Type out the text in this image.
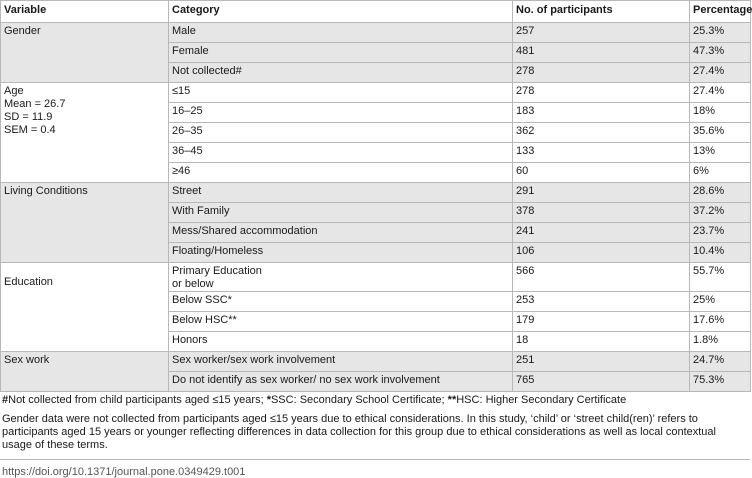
Variable	Category	No. of participants	Percentage
Gender	Male	257	25.3%
	Female	481	47.3%
	Not collected#	278	27.4%
Age
Mean = 26.7
SD = 11.9
SEM = 0.4	≤15	278	27.4%
	16–25	183	18%
	26–35	362	35.6%
	36–45	133	13%
	≥46	60	6%
Living Conditions	Street	291	28.6%
	With Family	378	37.2%
	Mess/Shared accommodation	241	23.7%
	Floating/Homeless	106	10.4%
Education	Primary Education
or below	566	55.7%
	Below SSC*	253	25%
	Below HSC**	179	17.6%
	Honors	18	1.8%
Sex work	Sex worker/sex work involvement	251	24.7%
	Do not identify as sex worker/ no sex work involvement	765	75.3%

#Not collected from child participants aged ≤15 years; *SSC: Secondary School Certificate; **HSC: Higher Secondary Certificate

Gender data were not collected from participants aged ≤15 years due to ethical considerations. In this study, ‘child’ or ‘street child(ren)’ refers to participants aged 15 years or younger reflecting differences in data collection for this group due to ethical considerations as well as local contextual usage of these terms.

https://doi.org/10.1371/journal.pone.0349429.t001
